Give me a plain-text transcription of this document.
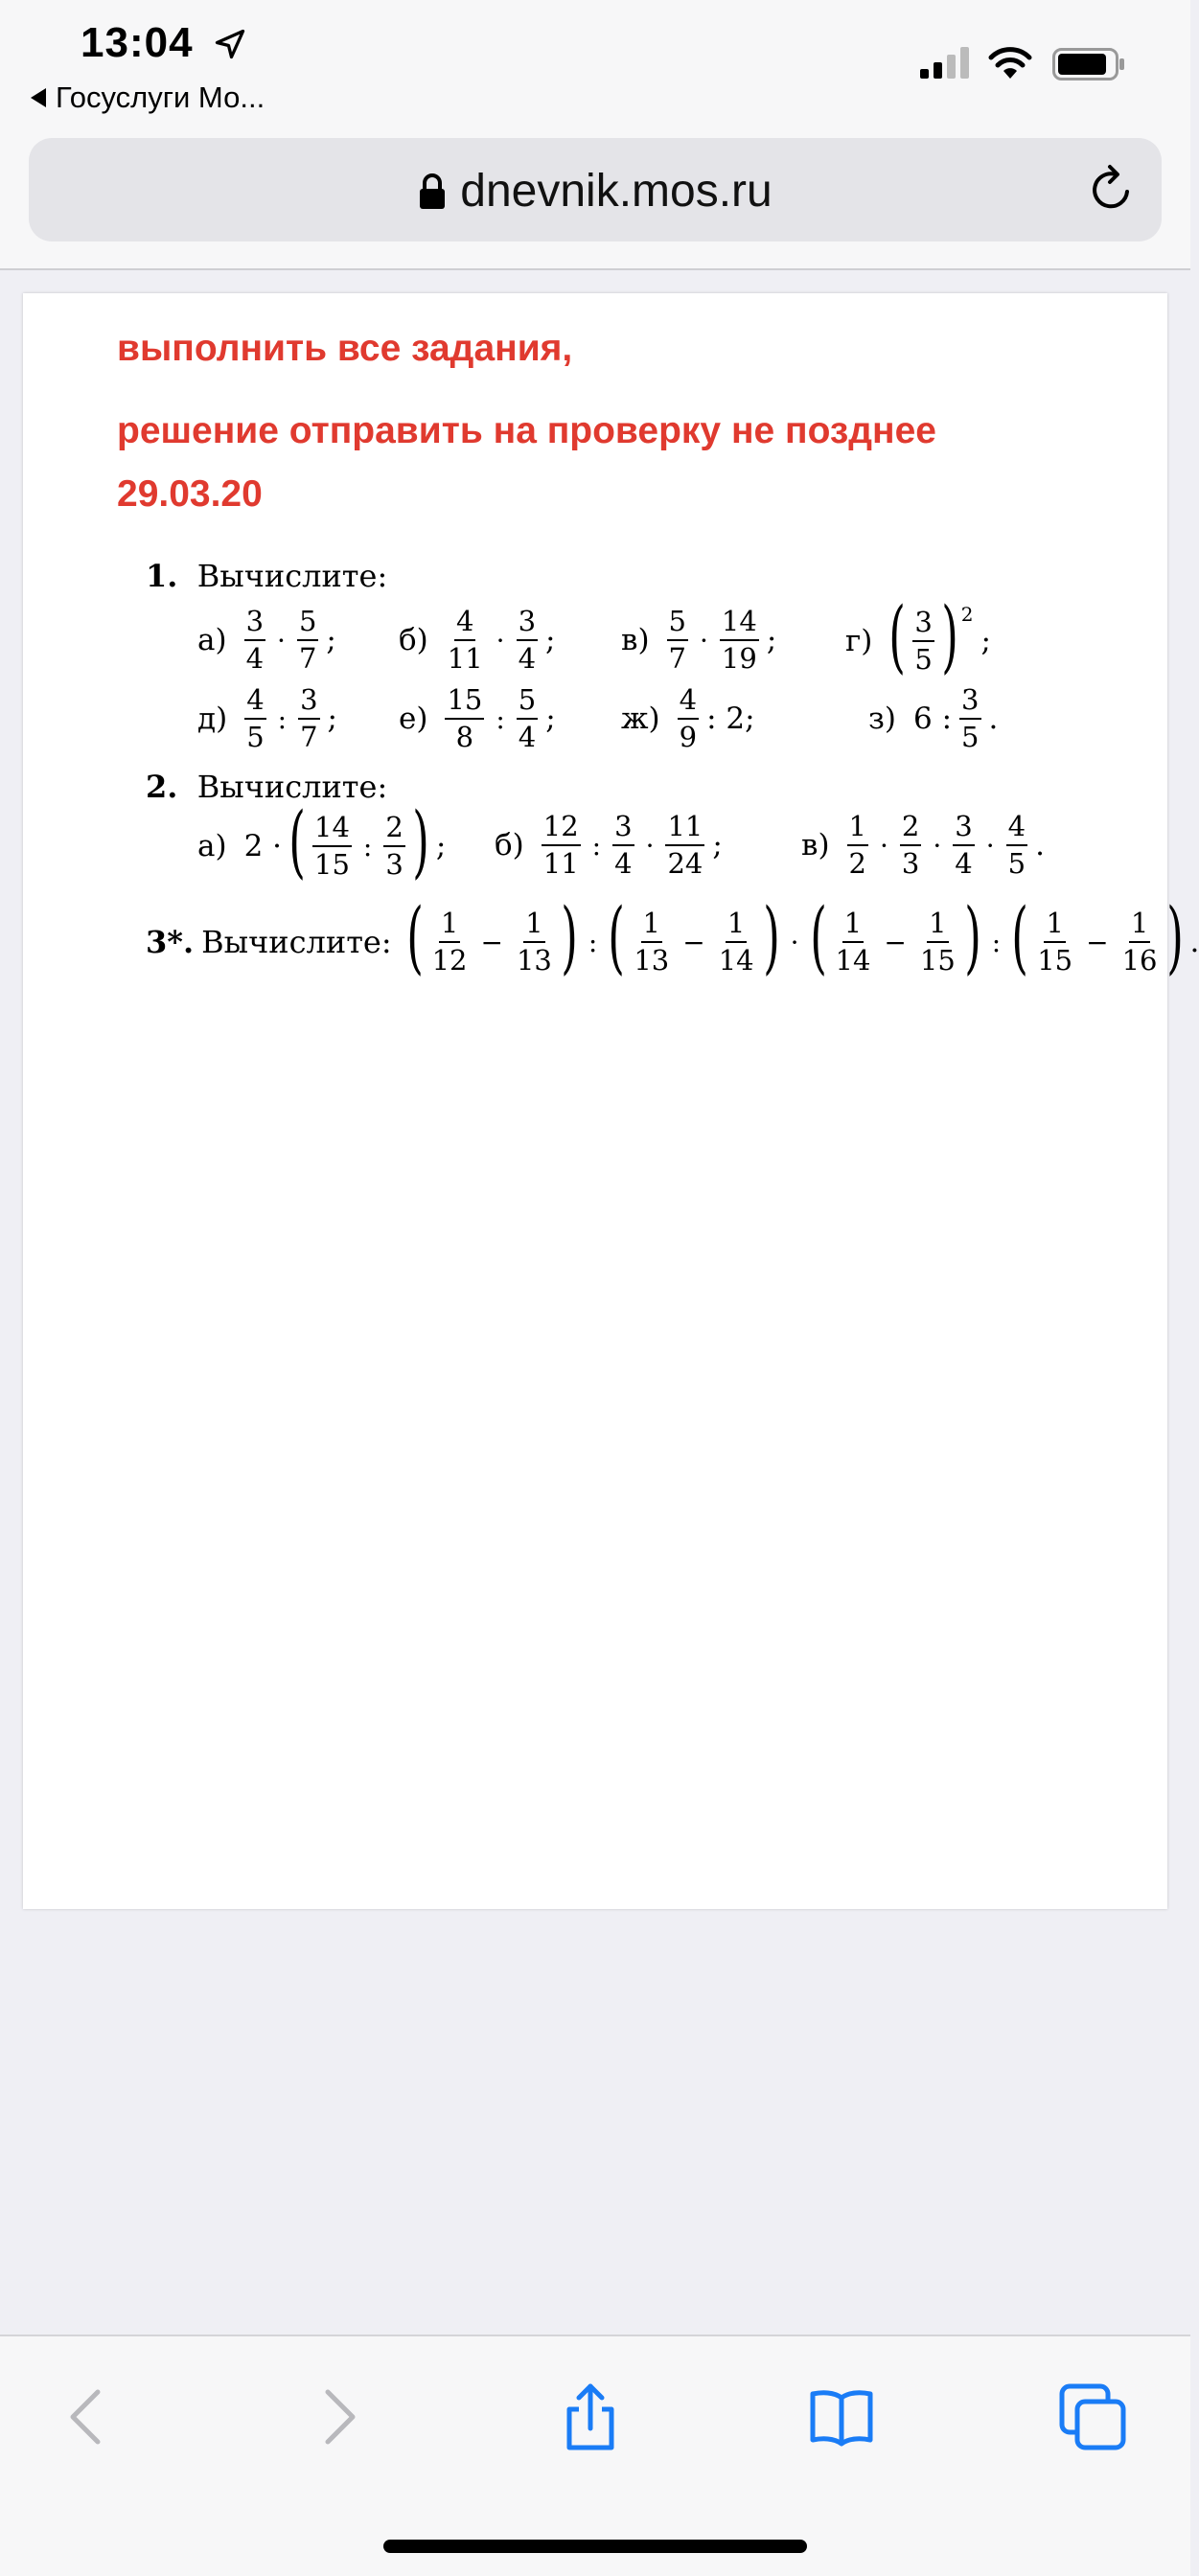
13:04
Госуслуги Мо...
dnevnik.mos.ru
выполнить все задания,
решение отправить на проверку не позднее
29.03.20
1. Вычислите:
$а) \frac{3}{4} \cdot \frac{5}{7}$ ; $б) \frac{4}{11} \cdot \frac{3}{4}$ ; $в) \frac{5}{7} \cdot \frac{14}{19}$ ; г) ( $\frac{3}{5}$ ) 2
;
$д) \frac{4}{5}$ : $\frac{3}{7}$ ; $е) \frac{15}{8}$ : $\frac{5}{4}$ ; $ж) \frac{4}{9}$ : 2;	з) 6 : $\frac{3}{5}$ .
2. Вычислите:
а) 2 · ( $\frac{14}{15}$ : $\frac{2}{3}$ ) ; $б) \frac{12}{11}$ : $\frac{3}{4} \cdot \frac{11}{24}$ ;	$в) \frac{1}{2} \cdot \frac{2}{3} \cdot \frac{3}{4} \cdot \frac{4}{5}$ .
3*. Вычислите: ( $\frac{1}{12} - \frac{1}{13}$ ) : ( $\frac{1}{13} - \frac{1}{14}$ ) · ( $\frac{1}{14} - \frac{1}{15}$ ) : ( $\frac{1}{15} - \frac{1}{16}$ ) .
